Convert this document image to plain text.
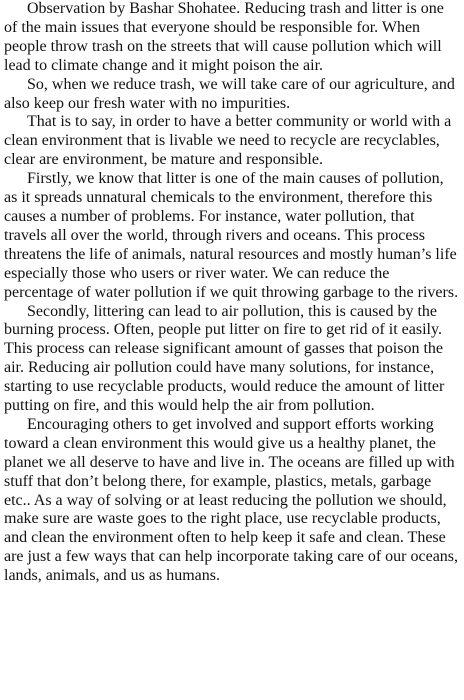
Observation by Bashar Shohatee. Reducing trash and litter is one of the main issues that everyone should be responsible for. When people throw trash on the streets that will cause pollution which will lead to climate change and it might poison the air.

So, when we reduce trash, we will take care of our agriculture, and also keep our fresh water with no impurities.

That is to say, in order to have a better community or world with a clean environment that is livable we need to recycle are recyclables, clear are environment, be mature and responsible.

Firstly, we know that litter is one of the main causes of pollution, as it spreads unnatural chemicals to the environment, therefore this causes a number of problems. For instance, water pollution, that travels all over the world, through rivers and oceans. This process threatens the life of animals, natural resources and mostly human’s life especially those who users or river water. We can reduce the percentage of water pollution if we quit throwing garbage to the rivers.

Secondly, littering can lead to air pollution, this is caused by the burning process. Often, people put litter on fire to get rid of it easily. This process can release significant amount of gasses that poison the air. Reducing air pollution could have many solutions, for instance, starting to use recyclable products, would reduce the amount of litter putting on fire, and this would help the air from pollution.

Encouraging others to get involved and support efforts working toward a clean environment this would give us a healthy planet, the planet we all deserve to have and live in. The oceans are filled up with stuff that don’t belong there, for example, plastics, metals, garbage etc.. As a way of solving or at least reducing the pollution we should, make sure are waste goes to the right place, use recyclable products, and clean the environment often to help keep it safe and clean. These are just a few ways that can help incorporate taking care of our oceans, lands, animals, and us as humans.
